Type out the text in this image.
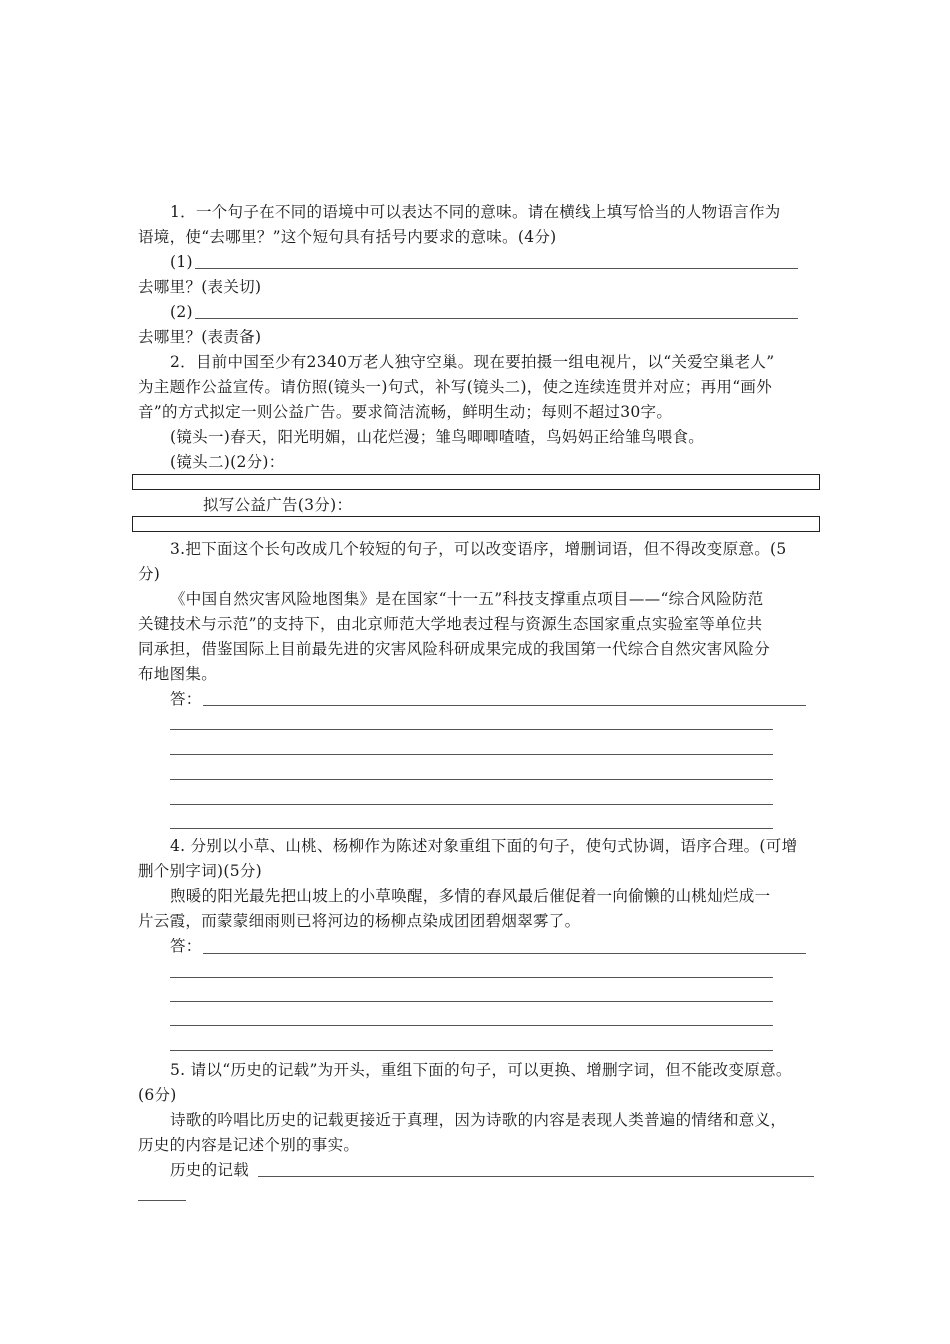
1．一个句子在不同的语境中可以表达不同的意味。请在横线上填写恰当的人物语言作为
语境，使“去哪里？”这个短句具有括号内要求的意味。(4分)
(1)
去哪里？(表关切)
(2)
去哪里？(表责备)
2．目前中国至少有2340万老人独守空巢。现在要拍摄一组电视片，以“关爱空巢老人”
为主题作公益宣传。请仿照(镜头一)句式，补写(镜头二)，使之连续连贯并对应；再用“画外
音”的方式拟定一则公益广告。要求简洁流畅，鲜明生动；每则不超过30字。
(镜头一)春天，阳光明媚，山花烂漫；雏鸟唧唧喳喳，鸟妈妈正给雏鸟喂食。
(镜头二)(2分)：
拟写公益广告(3分)：
3.把下面这个长句改成几个较短的句子，可以改变语序，增删词语，但不得改变原意。(5
分)
《中国自然灾害风险地图集》是在国家“十一五”科技支撑重点项目——“综合风险防范
关键技术与示范”的支持下，由北京师范大学地表过程与资源生态国家重点实验室等单位共
同承担，借鉴国际上目前最先进的灾害风险科研成果完成的我国第一代综合自然灾害风险分
布地图集。
答：
4. 分别以小草、山桃、杨柳作为陈述对象重组下面的句子，使句式协调，语序合理。(可增
删个别字词)(5分)
煦暖的阳光最先把山坡上的小草唤醒，多情的春风最后催促着一向偷懒的山桃灿烂成一
片云霞，而蒙蒙细雨则已将河边的杨柳点染成团团碧烟翠雾了。
答：
5. 请以“历史的记载”为开头，重组下面的句子，可以更换、增删字词，但不能改变原意。
(6分)
诗歌的吟唱比历史的记载更接近于真理，因为诗歌的内容是表现人类普遍的情绪和意义，
历史的内容是记述个别的事实。
历史的记载
